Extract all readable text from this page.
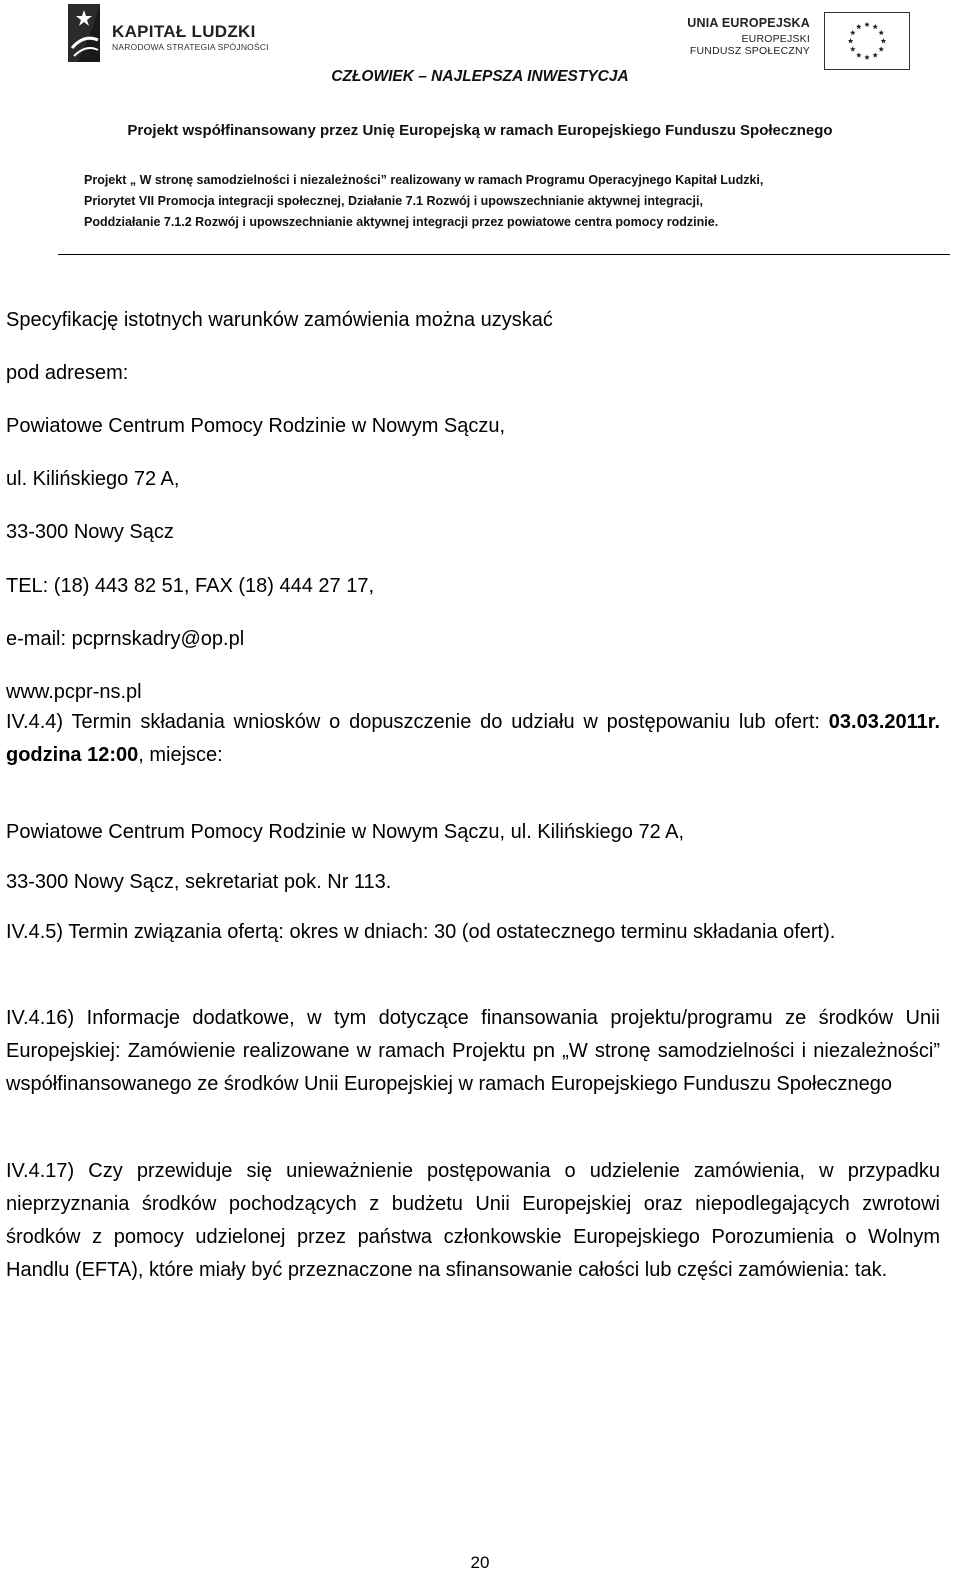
KAPITAŁ LUDZKI
NARODOWA STRATEGIA SPÓJNOŚCI
UNIA EUROPEJSKA
EUROPEJSKI
FUNDUSZ SPOŁECZNY
CZŁOWIEK – NAJLEPSZA INWESTYCJA
Projekt współfinansowany przez Unię Europejską w ramach Europejskiego Funduszu Społecznego
Projekt „ W stronę samodzielności i niezależności” realizowany w ramach Programu Operacyjnego Kapitał Ludzki,
Priorytet VII Promocja integracji społecznej, Działanie 7.1 Rozwój i upowszechnianie aktywnej integracji,
Poddziałanie 7.1.2 Rozwój i upowszechnianie aktywnej integracji przez powiatowe centra pomocy rodzinie.
Specyfikację istotnych warunków zamówienia można uzyskać
pod adresem:
Powiatowe Centrum Pomocy Rodzinie w Nowym Sączu,
ul. Kilińskiego 72 A,
33-300 Nowy Sącz
TEL: (18) 443 82 51, FAX (18) 444 27 17,
e-mail: pcprnskadry@op.pl
www.pcpr-ns.pl
IV.4.4) Termin składania wniosków o dopuszczenie do udziału w postępowaniu lub ofert: 03.03.2011r. godzina 12:00, miejsce:
Powiatowe Centrum Pomocy Rodzinie w Nowym Sączu, ul. Kilińskiego 72 A,
33-300 Nowy Sącz, sekretariat pok. Nr 113.
IV.4.5) Termin związania ofertą: okres w dniach: 30 (od ostatecznego terminu składania ofert).
IV.4.16) Informacje dodatkowe, w tym dotyczące finansowania projektu/programu ze środków Unii Europejskiej: Zamówienie realizowane w ramach Projektu pn „W stronę samodzielności i niezależności” współfinansowanego ze środków Unii Europejskiej w ramach Europejskiego Funduszu Społecznego
IV.4.17) Czy przewiduje się unieważnienie postępowania o udzielenie zamówienia, w przypadku nieprzyznania środków pochodzących z budżetu Unii Europejskiej oraz niepodlegających zwrotowi środków z pomocy udzielonej przez państwa członkowskie Europejskiego Porozumienia o Wolnym Handlu (EFTA), które miały być przeznaczone na sfinansowanie całości lub części zamówienia: tak.
20
